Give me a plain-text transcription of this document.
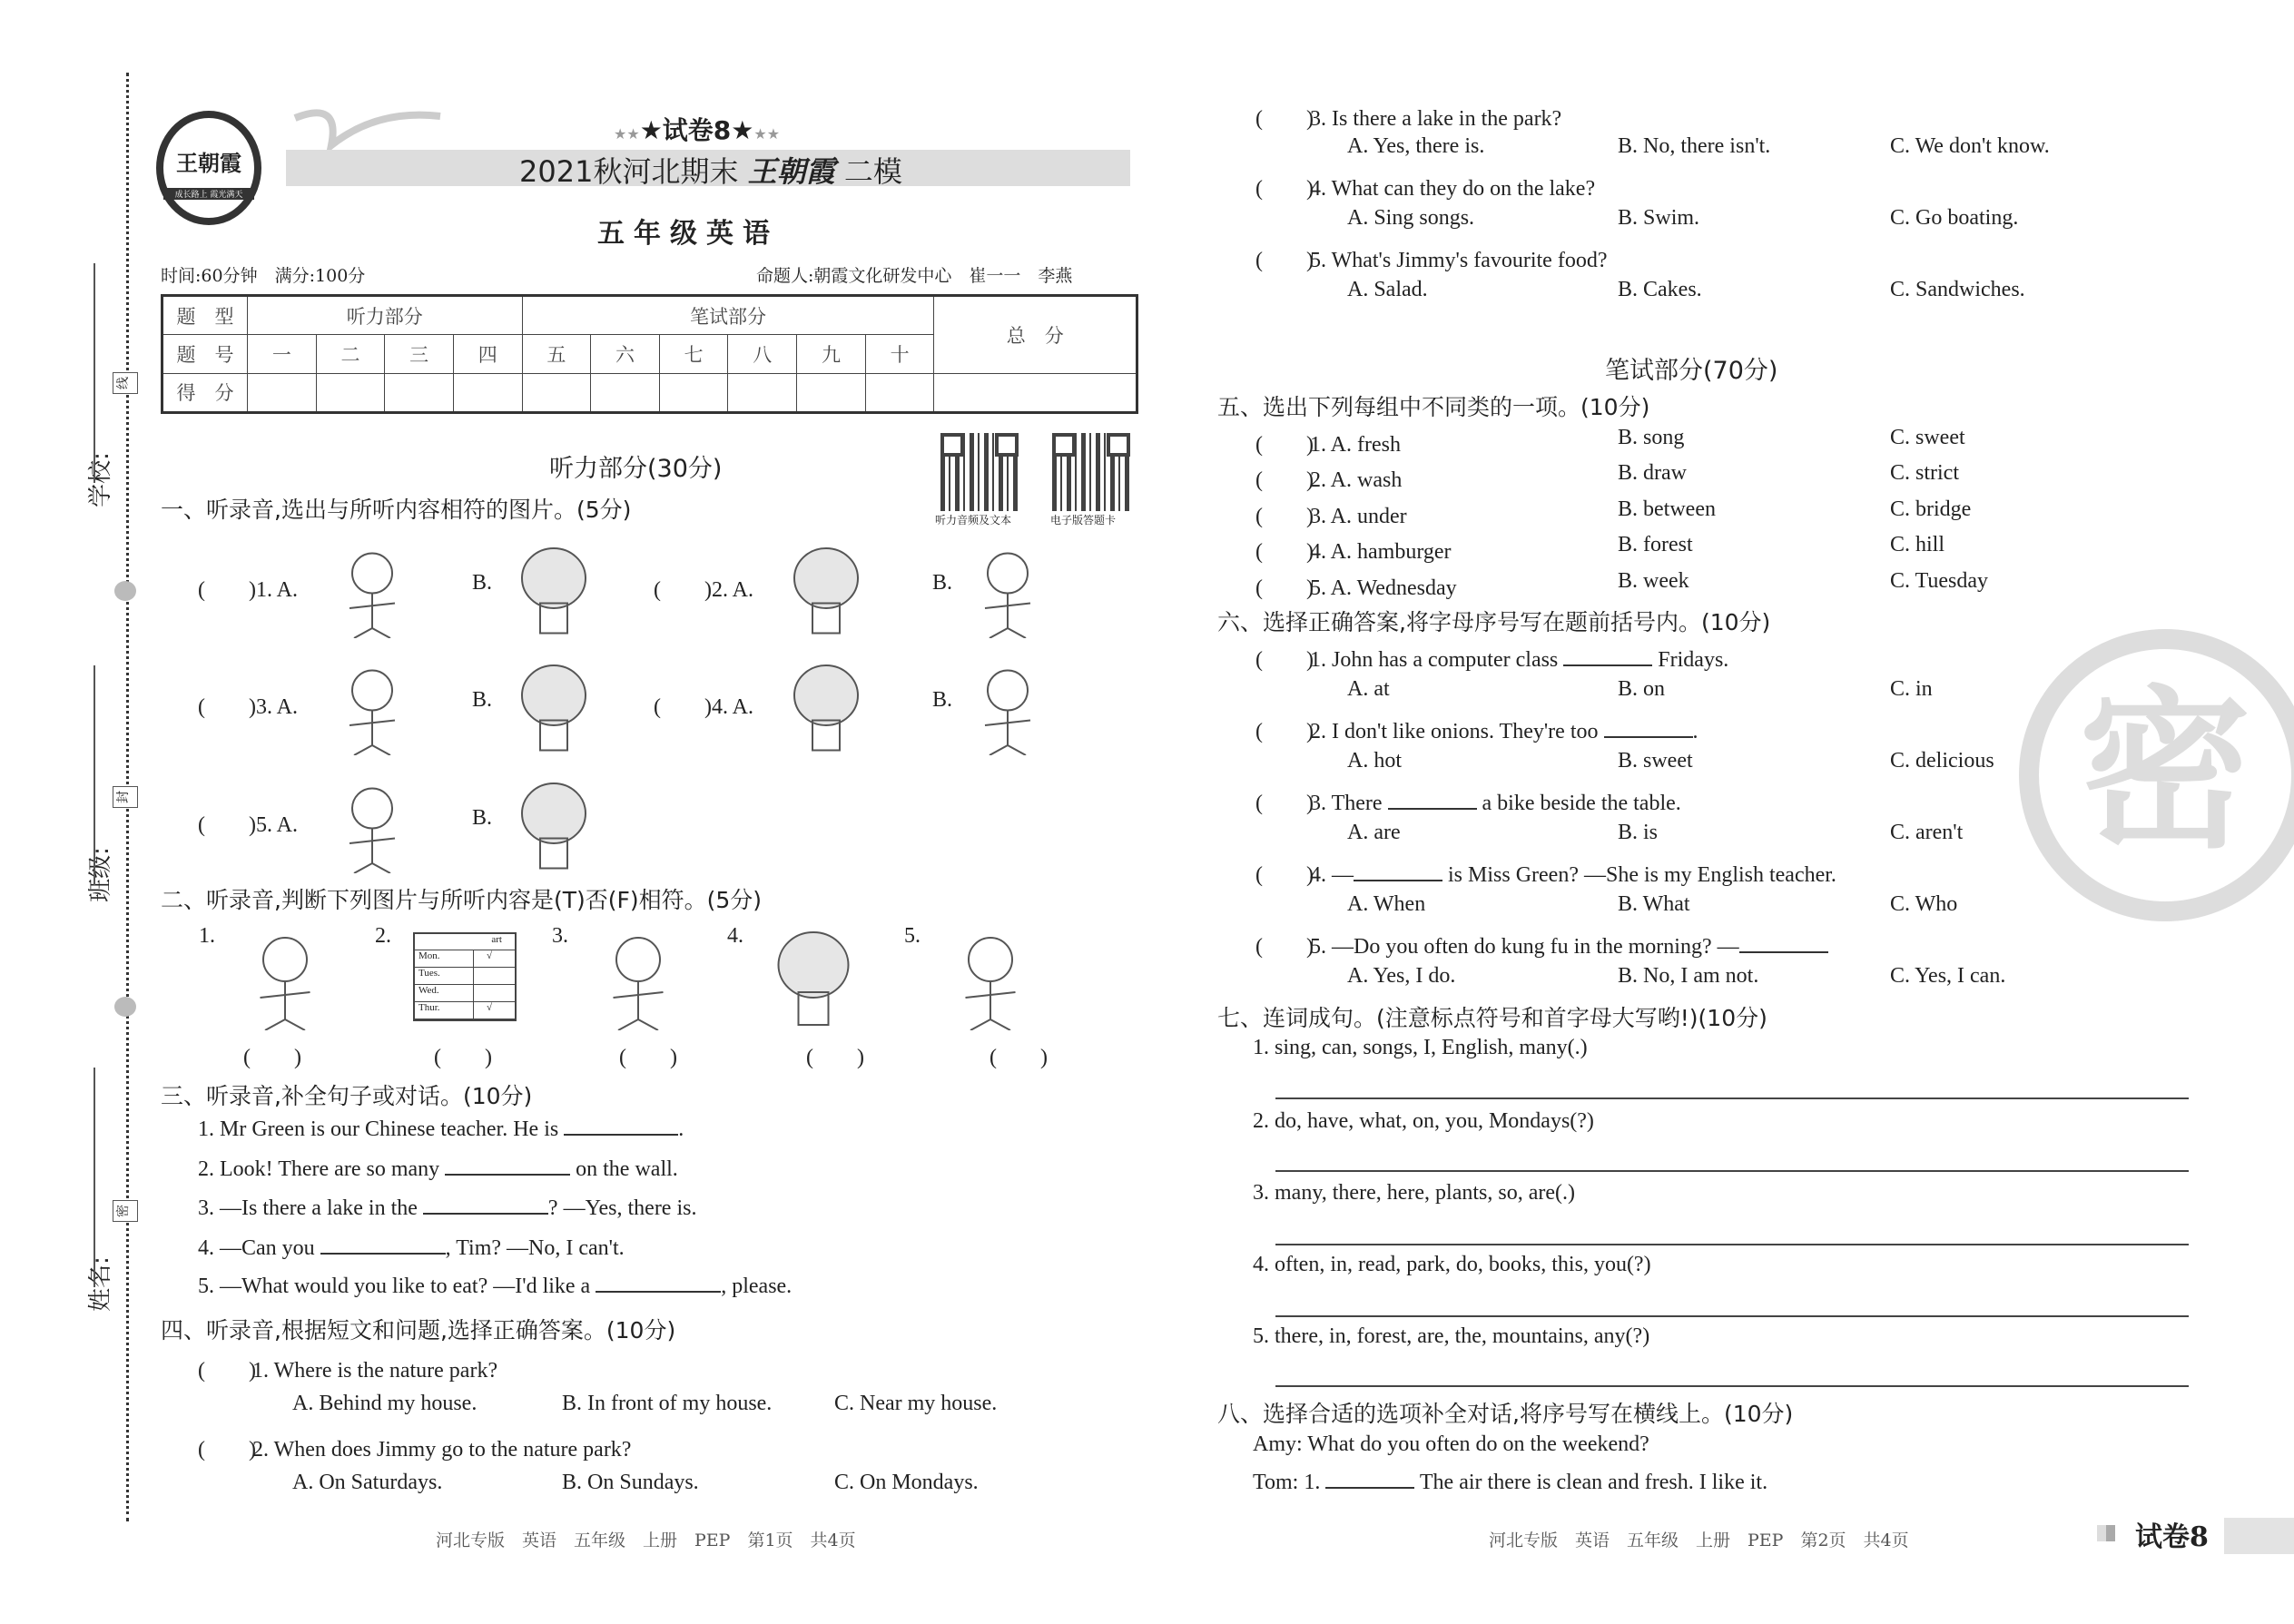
学校:
班级:
姓名:
线
封
密
王朝霞
成长路上 霞光满天
★★★试卷8★★★
2021秋河北期末 王朝霞 二模
五年级英语
时间:60分钟　 满分:100分	命题人:朝霞文化研发中心　崔一一　李燕
题　型	听力部分				笔试部分						总　分
题　号	一	二	三	四	五	六	七	八	九	十	
得　分											
听力部分(30分)
听力音频及文本	电子版答题卡
一、听录音,选出与所听内容相符的图片。(5分)
二、听录音,判断下列图片与所听内容是(T)否(F)相符。(5分)
三、听录音,补全句子或对话。(10分)
四、听录音,根据短文和问题,选择正确答案。(10分)
河北专版　英语　五年级　上册　PEP　第1页　共4页
密
笔试部分(70分)
五、选出下列每组中不同类的一项。(10分)
六、选择正确答案,将字母序号写在题前括号内。(10分)
七、连词成句。(注意标点符号和首字母大写哟!)(10分)
八、选择合适的选项补全对话,将序号写在横线上。(10分)
Amy: What do you often do on the weekend?
Tom: 1.	The air there is clean and fresh. I like it.
河北专版　英语　五年级　上册　PEP　第2页　共4页	试卷8
(　　)1. A.	B.	(　　)2. A.	B.
(　　)3. A.	B.	(　　)4. A.	B.
(　　)5. A.	B.
1.
(　　)
2.
(　　)
art
Mon.	√
Tues.
Wed.
Thur.	√
3.
(　　)
4.
(　　)
5.
(　　)
1. Mr Green is our Chinese teacher. He is	.
2. Look! There are so many	on the wall.
3. —Is there a lake in the	? —Yes, there is.
4. —Can you	, Tim? —No, I can't.
5. —What would you like to eat? —I'd like a	, please.
(　　)1. Where is the nature park?
A. Behind my house.	B. In front of my house.	C. Near my house.
(　　)2. When does Jimmy go to the nature park?
A. On Saturdays.	B. On Sundays.	C. On Mondays.
(　　)3. Is there a lake in the park?
A. Yes, there is.	B. No, there isn't.	C. We don't know.
(　　)4. What can they do on the lake?
A. Sing songs.	B. Swim.	C. Go boating.
(　　)5. What's Jimmy's favourite food?
A. Salad.	B. Cakes.	C. Sandwiches.
(　　)1. A. fresh	B. song	C. sweet
(　　)2. A. wash	B. draw	C. strict
(　　)3. A. under	B. between	C. bridge
(　　)4. A. hamburger	B. forest	C. hill
(　　)5. A. Wednesday	B. week	C. Tuesday
(　　)1. John has a computer class	Fridays.
A. at	B. on	C. in
(　　)2. I don't like onions. They're too	.
A. hot	B. sweet	C. delicious
(　　)3. There	a bike beside the table.
A. are	B. is	C. aren't
(　　)4. —	is Miss Green? —She is my English teacher.
A. When	B. What	C. Who
(　　)5. —Do you often do kung fu in the morning? —
A. Yes, I do.	B. No, I am not.	C. Yes, I can.
1. sing, can, songs, I, English, many(.)
2. do, have, what, on, you, Mondays(?)
3. many, there, here, plants, so, are(.)
4. often, in, read, park, do, books, this, you(?)
5. there, in, forest, are, the, mountains, any(?)
